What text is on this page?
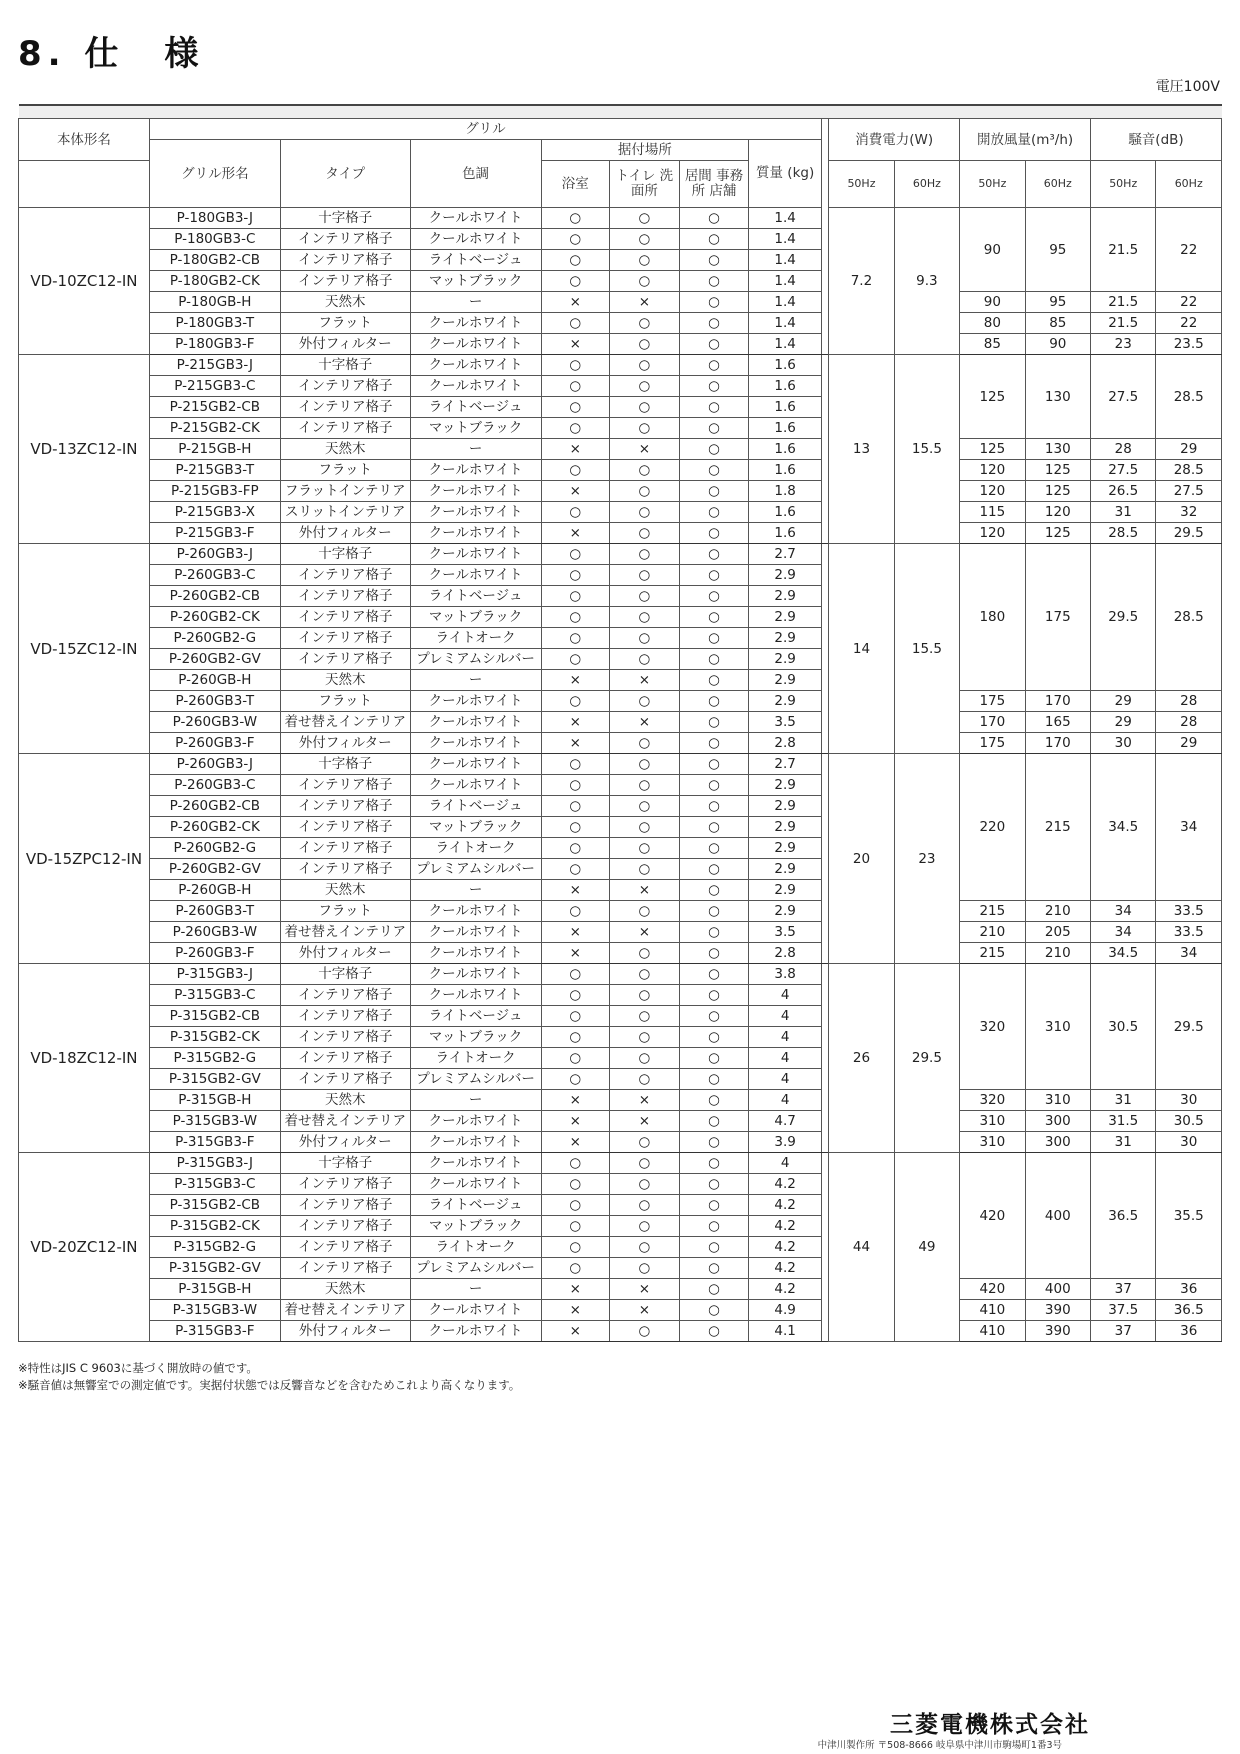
8. 仕　様
電圧100V

本体形名	グリル								消費電力(W)		開放風量(m³/h)		騒音(dB)	
	グリル形名	タイプ	色調	据付場所			質量 (kg)							
				浴室	トイレ 洗面所	居間 事務所 店舗								
									50Hz	60Hz	50Hz	60Hz	50Hz	60Hz
VD-10ZC12-IN	P-180GB3-J	十字格子	クールホワイト	○	○	○	1.4		7.2	9.3	90	95	21.5	22
	P-180GB3-C	インテリア格子	クールホワイト	○	○	○	1.4							
	P-180GB2-CB	インテリア格子	ライトベージュ	○	○	○	1.4							
	P-180GB2-CK	インテリア格子	マットブラック	○	○	○	1.4							
	P-180GB-H	天然木	ー	×	×	○	1.4				90	95	21.5	22
	P-180GB3-T	フラット	クールホワイト	○	○	○	1.4				80	85	21.5	22
	P-180GB3-F	外付フィルター	クールホワイト	×	○	○	1.4				85	90	23	23.5
VD-13ZC12-IN	P-215GB3-J	十字格子	クールホワイト	○	○	○	1.6		13	15.5	125	130	27.5	28.5
	P-215GB3-C	インテリア格子	クールホワイト	○	○	○	1.6							
	P-215GB2-CB	インテリア格子	ライトベージュ	○	○	○	1.6							
	P-215GB2-CK	インテリア格子	マットブラック	○	○	○	1.6							
	P-215GB-H	天然木	ー	×	×	○	1.6				125	130	28	29
	P-215GB3-T	フラット	クールホワイト	○	○	○	1.6				120	125	27.5	28.5
	P-215GB3-FP	フラットインテリア	クールホワイト	×	○	○	1.8				120	125	26.5	27.5
	P-215GB3-X	スリットインテリア	クールホワイト	○	○	○	1.6				115	120	31	32
	P-215GB3-F	外付フィルター	クールホワイト	×	○	○	1.6				120	125	28.5	29.5
VD-15ZC12-IN	P-260GB3-J	十字格子	クールホワイト	○	○	○	2.7		14	15.5	180	175	29.5	28.5
	P-260GB3-C	インテリア格子	クールホワイト	○	○	○	2.9							
	P-260GB2-CB	インテリア格子	ライトベージュ	○	○	○	2.9							
	P-260GB2-CK	インテリア格子	マットブラック	○	○	○	2.9							
	P-260GB2-G	インテリア格子	ライトオーク	○	○	○	2.9							
	P-260GB2-GV	インテリア格子	プレミアムシルバー	○	○	○	2.9							
	P-260GB-H	天然木	ー	×	×	○	2.9							
	P-260GB3-T	フラット	クールホワイト	○	○	○	2.9				175	170	29	28
	P-260GB3-W	着せ替えインテリア	クールホワイト	×	×	○	3.5				170	165	29	28
	P-260GB3-F	外付フィルター	クールホワイト	×	○	○	2.8				175	170	30	29
VD-15ZPC12-IN	P-260GB3-J	十字格子	クールホワイト	○	○	○	2.7		20	23	220	215	34.5	34
	P-260GB3-C	インテリア格子	クールホワイト	○	○	○	2.9							
	P-260GB2-CB	インテリア格子	ライトベージュ	○	○	○	2.9							
	P-260GB2-CK	インテリア格子	マットブラック	○	○	○	2.9							
	P-260GB2-G	インテリア格子	ライトオーク	○	○	○	2.9							
	P-260GB2-GV	インテリア格子	プレミアムシルバー	○	○	○	2.9							
	P-260GB-H	天然木	ー	×	×	○	2.9							
	P-260GB3-T	フラット	クールホワイト	○	○	○	2.9				215	210	34	33.5
	P-260GB3-W	着せ替えインテリア	クールホワイト	×	×	○	3.5				210	205	34	33.5
	P-260GB3-F	外付フィルター	クールホワイト	×	○	○	2.8				215	210	34.5	34
VD-18ZC12-IN	P-315GB3-J	十字格子	クールホワイト	○	○	○	3.8		26	29.5	320	310	30.5	29.5
	P-315GB3-C	インテリア格子	クールホワイト	○	○	○	4							
	P-315GB2-CB	インテリア格子	ライトベージュ	○	○	○	4							
	P-315GB2-CK	インテリア格子	マットブラック	○	○	○	4							
	P-315GB2-G	インテリア格子	ライトオーク	○	○	○	4							
	P-315GB2-GV	インテリア格子	プレミアムシルバー	○	○	○	4							
	P-315GB-H	天然木	ー	×	×	○	4				320	310	31	30
	P-315GB3-W	着せ替えインテリア	クールホワイト	×	×	○	4.7				310	300	31.5	30.5
	P-315GB3-F	外付フィルター	クールホワイト	×	○	○	3.9				310	300	31	30
VD-20ZC12-IN	P-315GB3-J	十字格子	クールホワイト	○	○	○	4		44	49	420	400	36.5	35.5
	P-315GB3-C	インテリア格子	クールホワイト	○	○	○	4.2							
	P-315GB2-CB	インテリア格子	ライトベージュ	○	○	○	4.2							
	P-315GB2-CK	インテリア格子	マットブラック	○	○	○	4.2							
	P-315GB2-G	インテリア格子	ライトオーク	○	○	○	4.2							
	P-315GB2-GV	インテリア格子	プレミアムシルバー	○	○	○	4.2							
	P-315GB-H	天然木	ー	×	×	○	4.2				420	400	37	36
	P-315GB3-W	着せ替えインテリア	クールホワイト	×	×	○	4.9				410	390	37.5	36.5
	P-315GB3-F	外付フィルター	クールホワイト	×	○	○	4.1				410	390	37	36
※特性はJIS C 9603に基づく開放時の値です。
※騒音値は無響室での測定値です。実据付状態では反響音などを含むためこれより高くなります。
三菱電機株式会社
中津川製作所 〒508-8666 岐阜県中津川市駒場町1番3号
